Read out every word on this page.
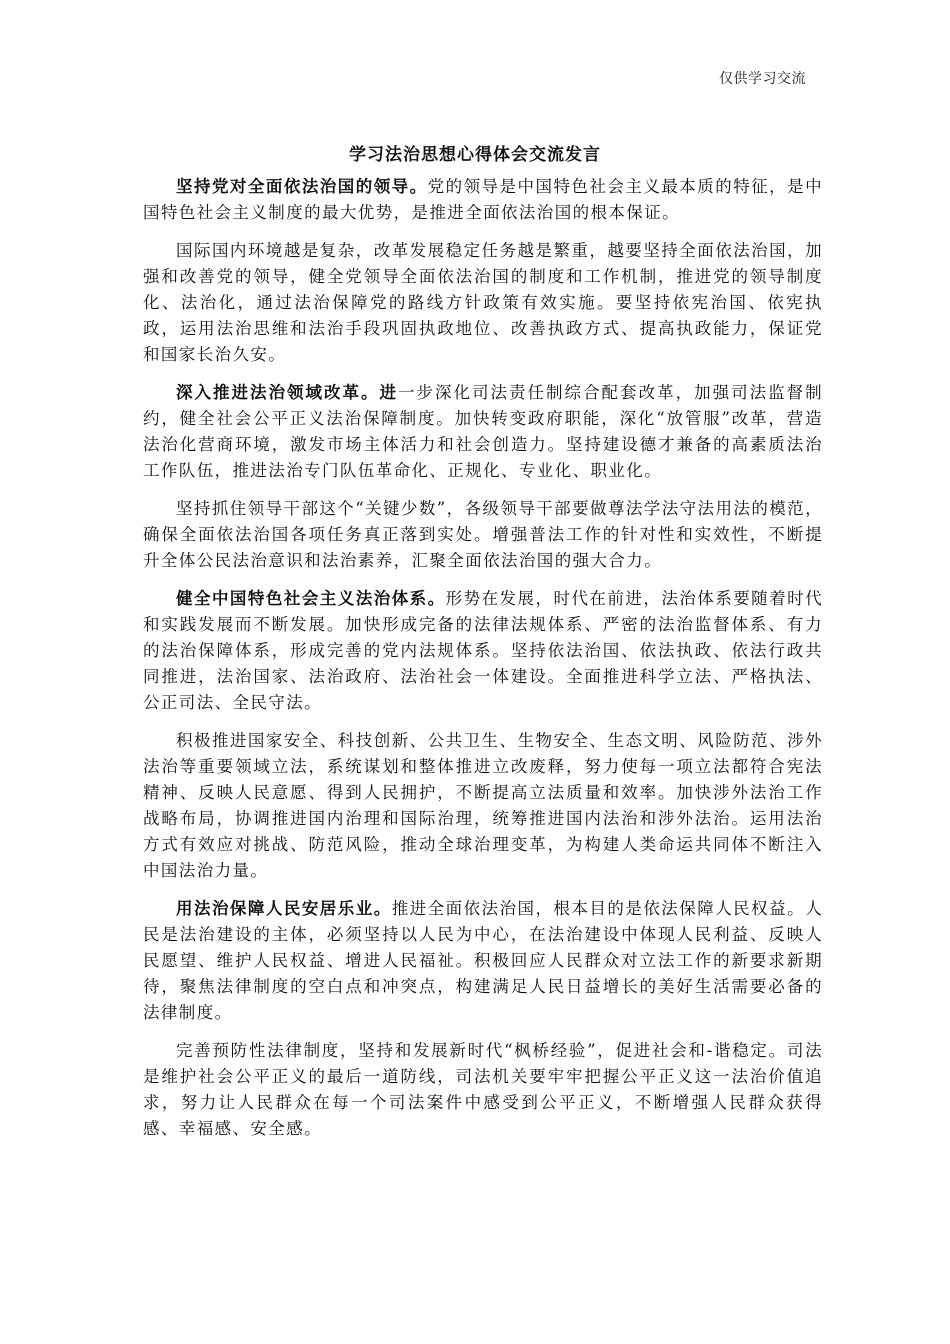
仅供学习交流
学习法治思想心得体会交流发言

坚持党对全面依法治国的领导。党的领导是中国特色社会主义最本质的特征，是中国特色社会主义制度的最大优势，是推进全面依法治国的根本保证。

国际国内环境越是复杂，改革发展稳定任务越是繁重，越要坚持全面依法治国，加强和改善党的领导，健全党领导全面依法治国的制度和工作机制，推进党的领导制度化、法治化，通过法治保障党的路线方针政策有效实施。要坚持依宪治国、依宪执政，运用法治思维和法治手段巩固执政地位、改善执政方式、提高执政能力，保证党和国家长治久安。

深入推进法治领域改革。进一步深化司法责任制综合配套改革，加强司法监督制约，健全社会公平正义法治保障制度。加快转变政府职能，深化“放管服”改革，营造法治化营商环境，激发市场主体活力和社会创造力。坚持建设德才兼备的高素质法治工作队伍，推进法治专门队伍革命化、正规化、专业化、职业化。

坚持抓住领导干部这个“关键少数”，各级领导干部要做尊法学法守法用法的模范，确保全面依法治国各项任务真正落到实处。增强普法工作的针对性和实效性，不断提升全体公民法治意识和法治素养，汇聚全面依法治国的强大合力。

健全中国特色社会主义法治体系。形势在发展，时代在前进，法治体系要随着时代和实践发展而不断发展。加快形成完备的法律法规体系、严密的法治监督体系、有力的法治保障体系，形成完善的党内法规体系。坚持依法治国、依法执政、依法行政共同推进，法治国家、法治政府、法治社会一体建设。全面推进科学立法、严格执法、公正司法、全民守法。

积极推进国家安全、科技创新、公共卫生、生物安全、生态文明、风险防范、涉外法治等重要领域立法，系统谋划和整体推进立改废释，努力使每一项立法都符合宪法精神、反映人民意愿、得到人民拥护，不断提高立法质量和效率。加快涉外法治工作战略布局，协调推进国内治理和国际治理，统筹推进国内法治和涉外法治。运用法治方式有效应对挑战、防范风险，推动全球治理变革，为构建人类命运共同体不断注入中国法治力量。

用法治保障人民安居乐业。推进全面依法治国，根本目的是依法保障人民权益。人民是法治建设的主体，必须坚持以人民为中心，在法治建设中体现人民利益、反映人民愿望、维护人民权益、增进人民福祉。积极回应人民群众对立法工作的新要求新期待，聚焦法律制度的空白点和冲突点，构建满足人民日益增长的美好生活需要必备的法律制度。

完善预防性法律制度，坚持和发展新时代“枫桥经验”，促进社会和-谐稳定。司法是维护社会公平正义的最后一道防线，司法机关要牢牢把握公平正义这一法治价值追求，努力让人民群众在每一个司法案件中感受到公平正义，不断增强人民群众获得感、幸福感、安全感。
